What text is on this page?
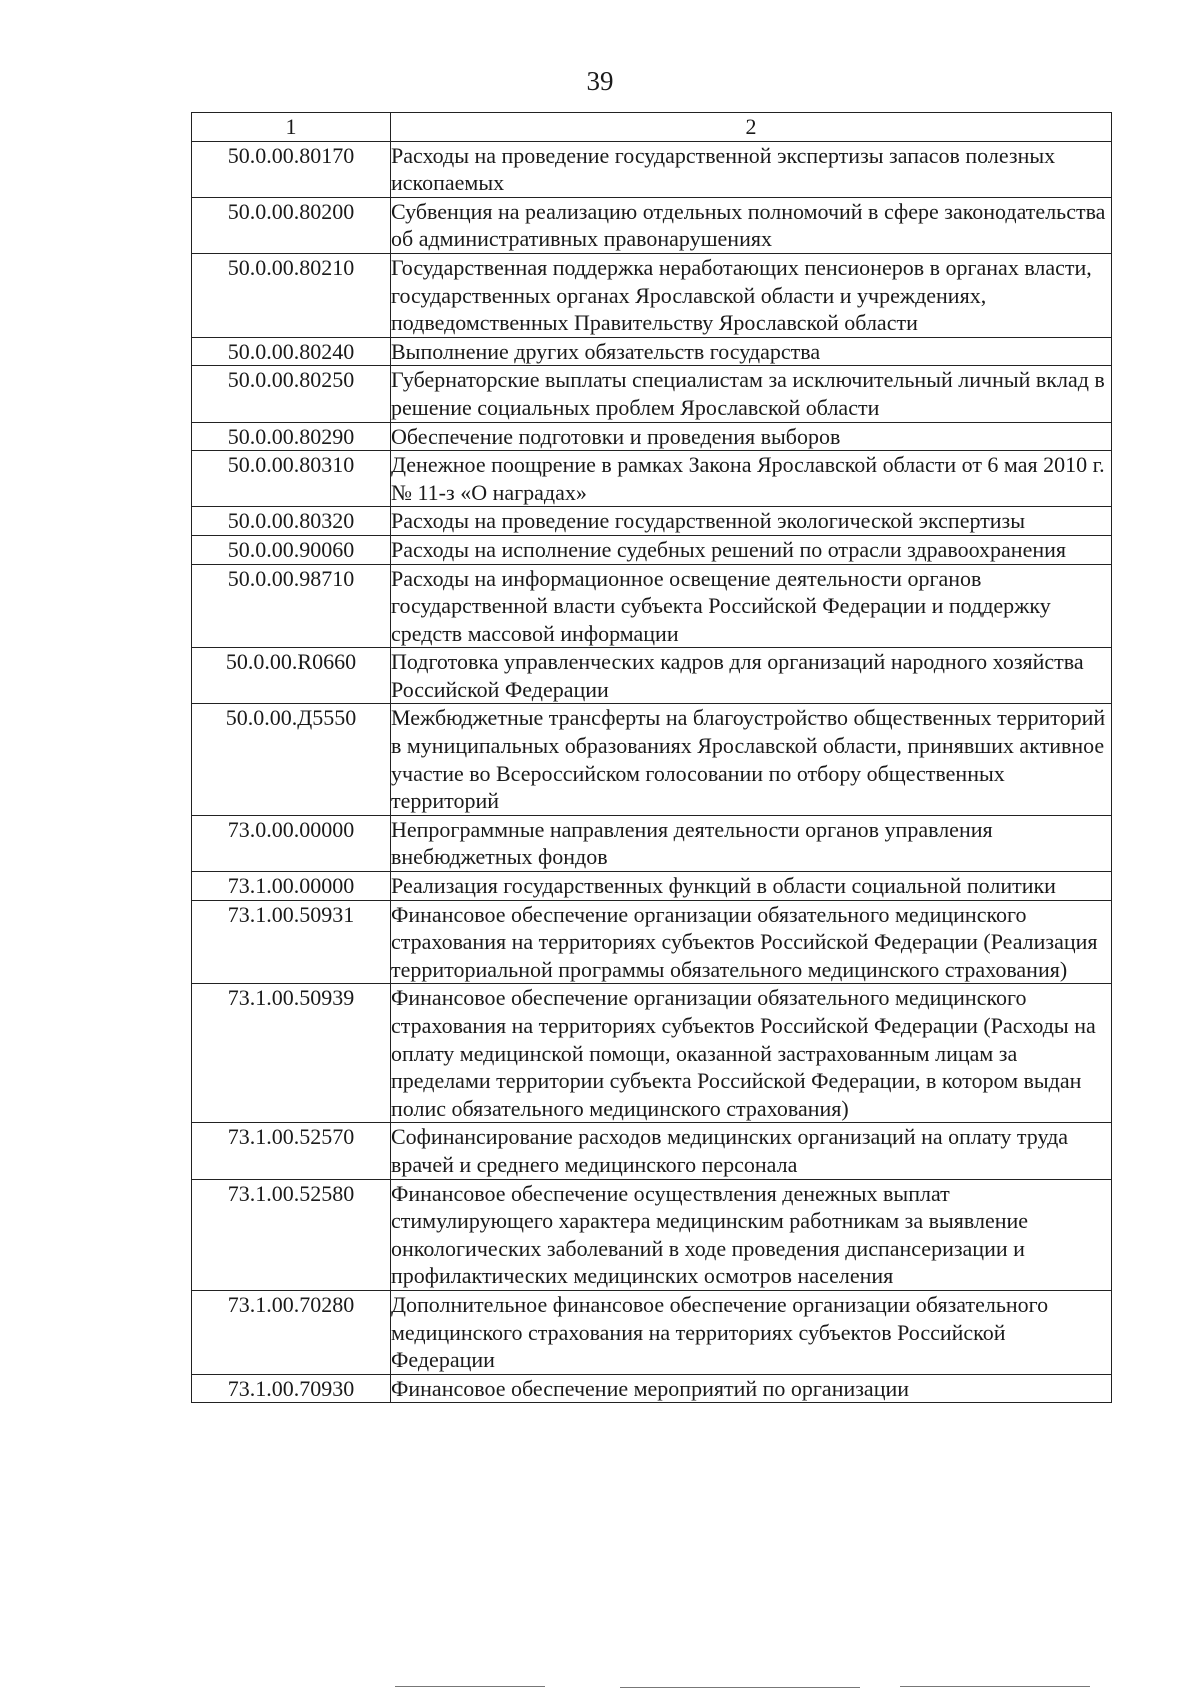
39
1	2
50.0.00.80170	Расходы на проведение государственной экспертизы запасов полезных ископаемых
50.0.00.80200	Субвенция на реализацию отдельных полномочий в сфере законодательства об административных правонарушениях
50.0.00.80210	Государственная поддержка неработающих пенсионеров в органах власти, государственных органах Ярославской области и учреждениях, подведомственных Правительству Ярославской области
50.0.00.80240	Выполнение других обязательств государства
50.0.00.80250	Губернаторские выплаты специалистам за исключительный личный вклад в решение социальных проблем Ярославской области
50.0.00.80290	Обеспечение подготовки и проведения выборов
50.0.00.80310	Денежное поощрение в рамках Закона Ярославской области от 6 мая 2010 г. № 11-з «О наградах»
50.0.00.80320	Расходы на проведение государственной экологической экспертизы
50.0.00.90060	Расходы на исполнение судебных решений по отрасли здравоохранения
50.0.00.98710	Расходы на информационное освещение деятельности органов государственной власти субъекта Российской Федерации и поддержку средств массовой информации
50.0.00.R0660	Подготовка управленческих кадров для организаций народного хозяйства Российской Федерации
50.0.00.Д5550	Межбюджетные трансферты на благоустройство общественных территорий в муниципальных образованиях Ярославской области, принявших активное участие во Всероссийском голосовании по отбору общественных территорий
73.0.00.00000	Непрограммные направления деятельности органов управления внебюджетных фондов
73.1.00.00000	Реализация государственных функций в области социальной политики
73.1.00.50931	Финансовое обеспечение организации обязательного медицинского страхования на территориях субъектов Российской Федерации (Реализация территориальной программы обязательного медицинского страхования)
73.1.00.50939	Финансовое обеспечение организации обязательного медицинского страхования на территориях субъектов Российской Федерации (Расходы на оплату медицинской помощи, оказанной застрахованным лицам за пределами территории субъекта Российской Федерации, в котором выдан полис обязательного медицинского страхования)
73.1.00.52570	Софинансирование расходов медицинских организаций на оплату труда врачей и среднего медицинского персонала
73.1.00.52580	Финансовое обеспечение осуществления денежных выплат стимулирующего характера медицинским работникам за выявление онкологических заболеваний в ходе проведения диспансеризации и профилактических медицинских осмотров населения
73.1.00.70280	Дополнительное финансовое обеспечение организации обязательного медицинского страхования на территориях субъектов Российской Федерации
73.1.00.70930	Финансовое обеспечение мероприятий по организации
